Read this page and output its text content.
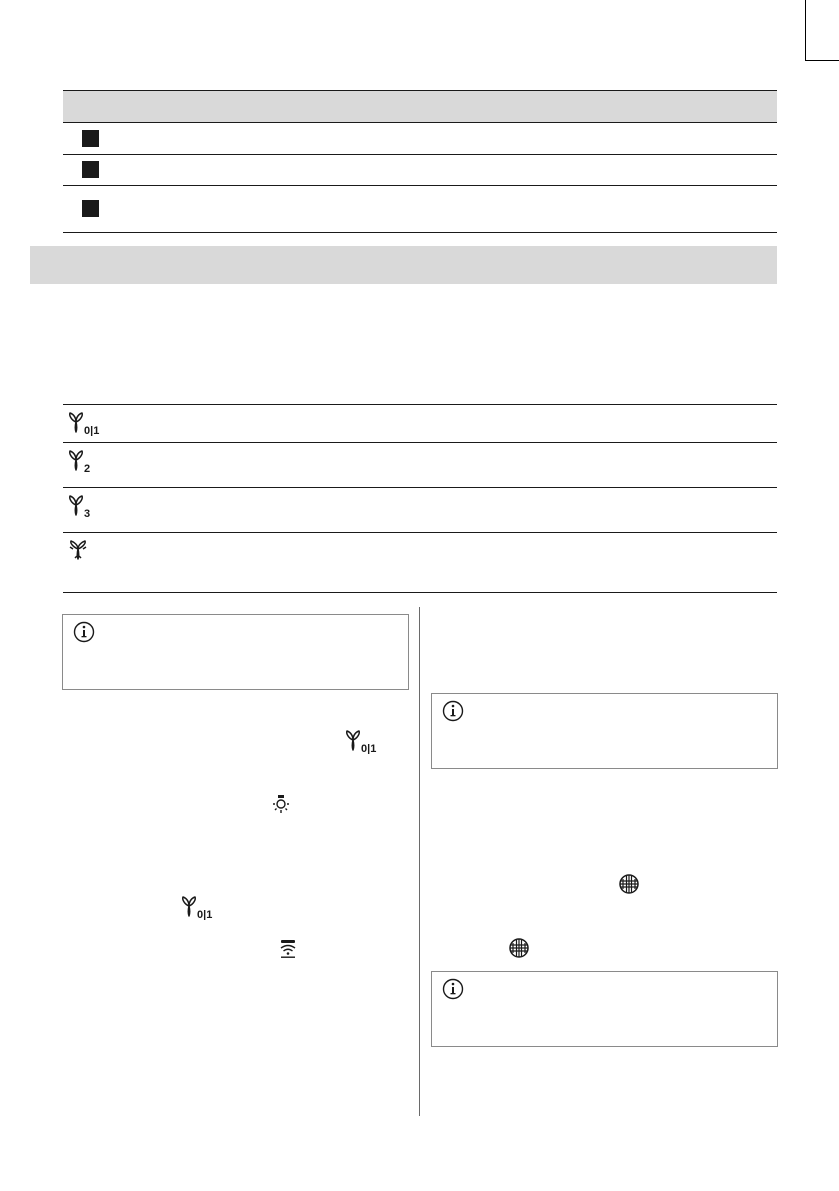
0|1
2
3
0|1
0|1
